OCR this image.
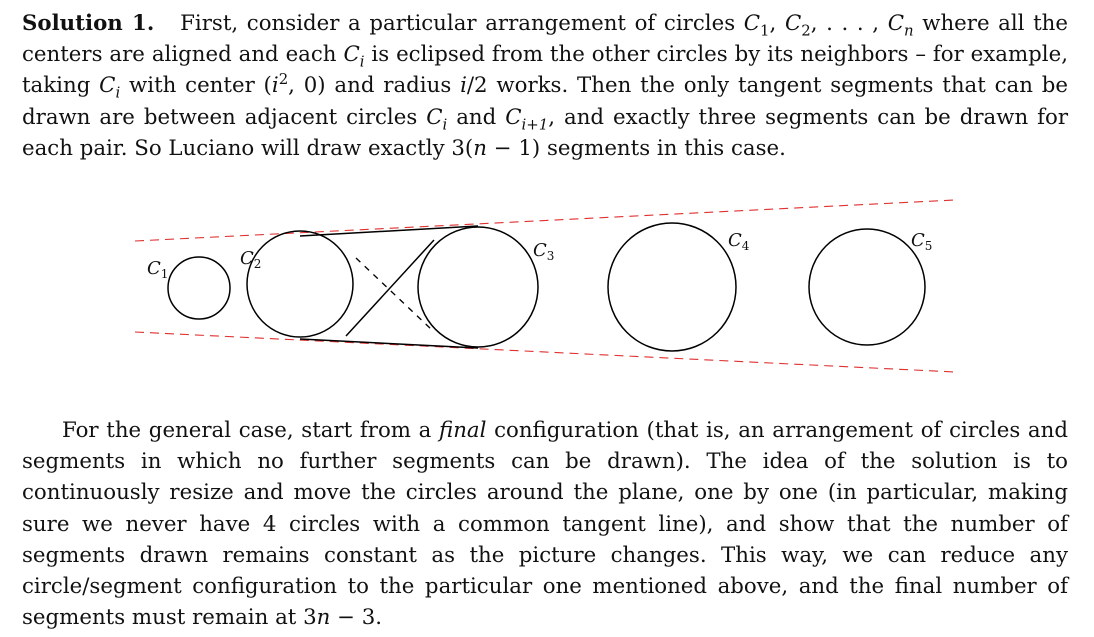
Solution 1. First, consider a particular arrangement of circles $C_1$, $C_2$, . . . , $C_n$ where all the centers are aligned and each $C_i$ is eclipsed from the other circles by its neighbors – for example, taking $C_i$ with center ($i^2$, 0) and radius i/2 works. Then the only tangent segments that can be drawn are between adjacent circles $C_i$ and $C_{i+1}$, and exactly three segments can be drawn for each pair. So Luciano will draw exactly 3(n − 1) segments in this case.

$C_1$
$C_2$
$C_3$
$C_4$	$C_5$

For the general case, start from a final configuration (that is, an arrangement of circles and segments in which no further segments can be drawn). The idea of the solution is to continuously resize and move the circles around the plane, one by one (in particular, making sure we never have 4 circles with a common tangent line), and show that the number of segments drawn remains constant as the picture changes. This way, we can reduce any circle/segment configuration to the particular one mentioned above, and the final number of segments must remain at 3n − 3.
